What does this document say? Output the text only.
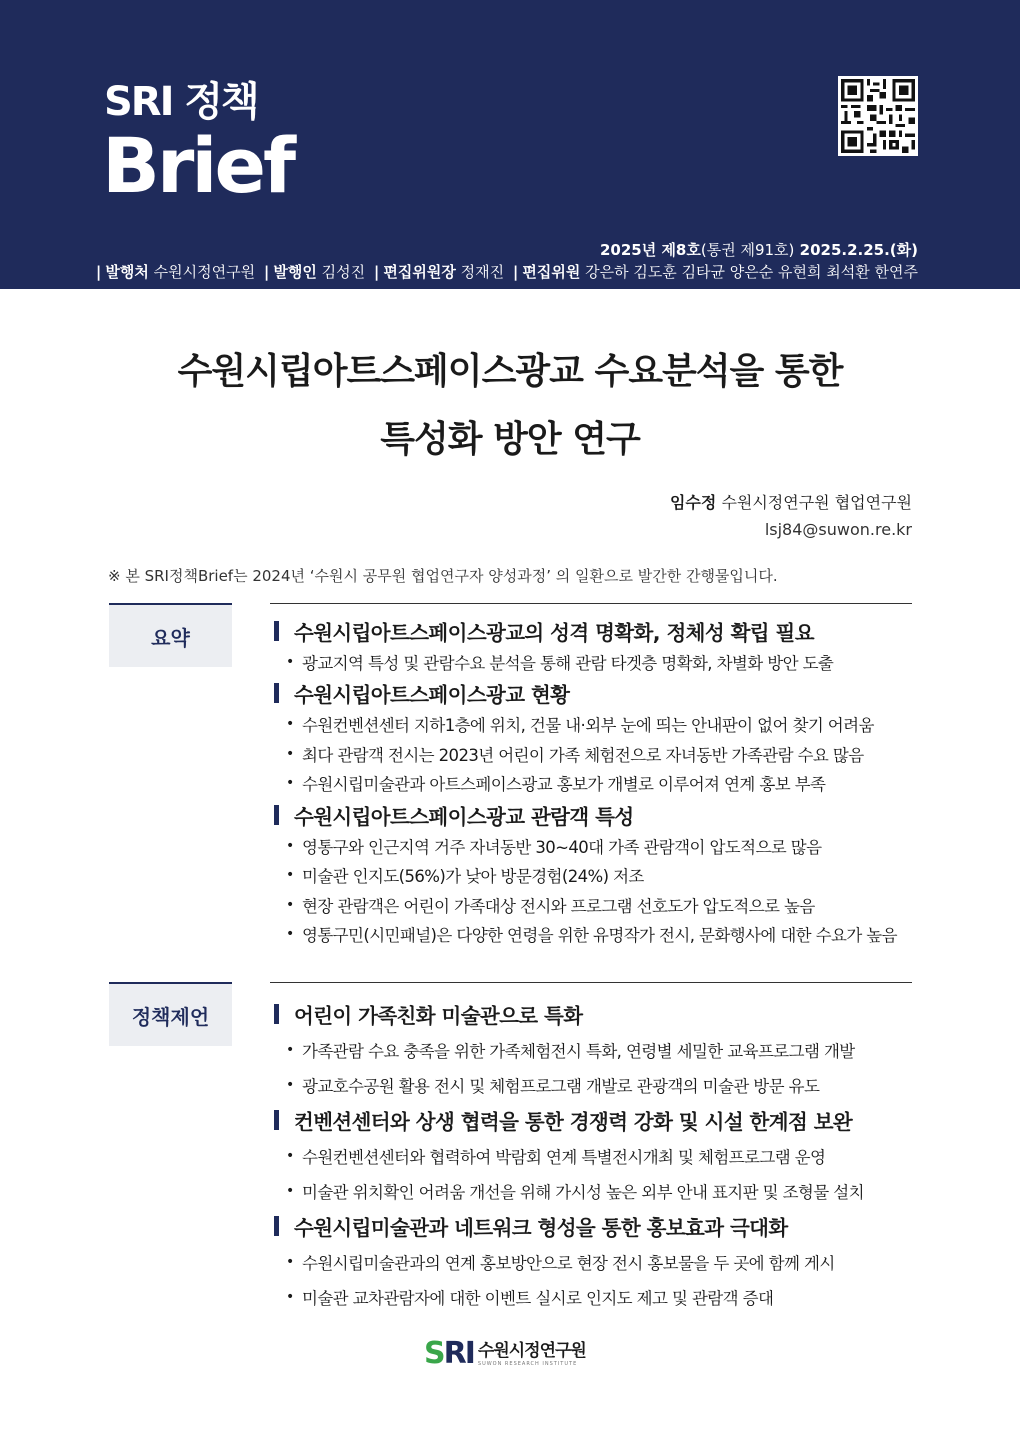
SRI 정책
Brief
2025년 제8호(통권 제91호) 2025.2.25.(화)
| 발행처 수원시정연구원 | 발행인 김성진 | 편집위원장 정재진 | 편집위원 강은하 김도훈 김타균 양은순 유현희 최석환 한연주
수원시립아트스페이스광교 수요분석을 통한
특성화 방안 연구
임수정 수원시정연구원 협업연구원
lsj84@suwon.re.kr
※ 본 SRI정책Brief는 2024년 ‘수원시 공무원 협업연구자 양성과정’ 의 일환으로 발간한 간행물입니다.
요약	수원시립아트스페이스광교의 성격 명확화, 정체성 확립 필요
• 광교지역 특성 및 관람수요 분석을 통해 관람 타겟층 명확화, 차별화 방안 도출
수원시립아트스페이스광교 현황
• 수원컨벤션센터 지하1층에 위치, 건물 내·외부 눈에 띄는 안내판이 없어 찾기 어려움
• 최다 관람객 전시는 2023년 어린이 가족 체험전으로 자녀동반 가족관람 수요 많음
• 수원시립미술관과 아트스페이스광교 홍보가 개별로 이루어져 연계 홍보 부족
수원시립아트스페이스광교 관람객 특성
• 영통구와 인근지역 거주 자녀동반 30~40대 가족 관람객이 압도적으로 많음
• 미술관 인지도(56%)가 낮아 방문경험(24%) 저조
• 현장 관람객은 어린이 가족대상 전시와 프로그램 선호도가 압도적으로 높음
• 영통구민(시민패널)은 다양한 연령을 위한 유명작가 전시, 문화행사에 대한 수요가 높음
정책제언	어린이 가족친화 미술관으로 특화
• 가족관람 수요 충족을 위한 가족체험전시 특화, 연령별 세밀한 교육프로그램 개발
• 광교호수공원 활용 전시 및 체험프로그램 개발로 관광객의 미술관 방문 유도
컨벤션센터와 상생 협력을 통한 경쟁력 강화 및 시설 한계점 보완
• 수원컨벤션센터와 협력하여 박람회 연계 특별전시개최 및 체험프로그램 운영
• 미술관 위치확인 어려움 개선을 위해 가시성 높은 외부 안내 표지판 및 조형물 설치
수원시립미술관과 네트워크 형성을 통한 홍보효과 극대화
• 수원시립미술관과의 연계 홍보방안으로 현장 전시 홍보물을 두 곳에 함께 게시
• 미술관 교차관람자에 대한 이벤트 실시로 인지도 제고 및 관람객 증대
SRI 수원시정연구원
SUWON RESEARCH INSTITUTE
